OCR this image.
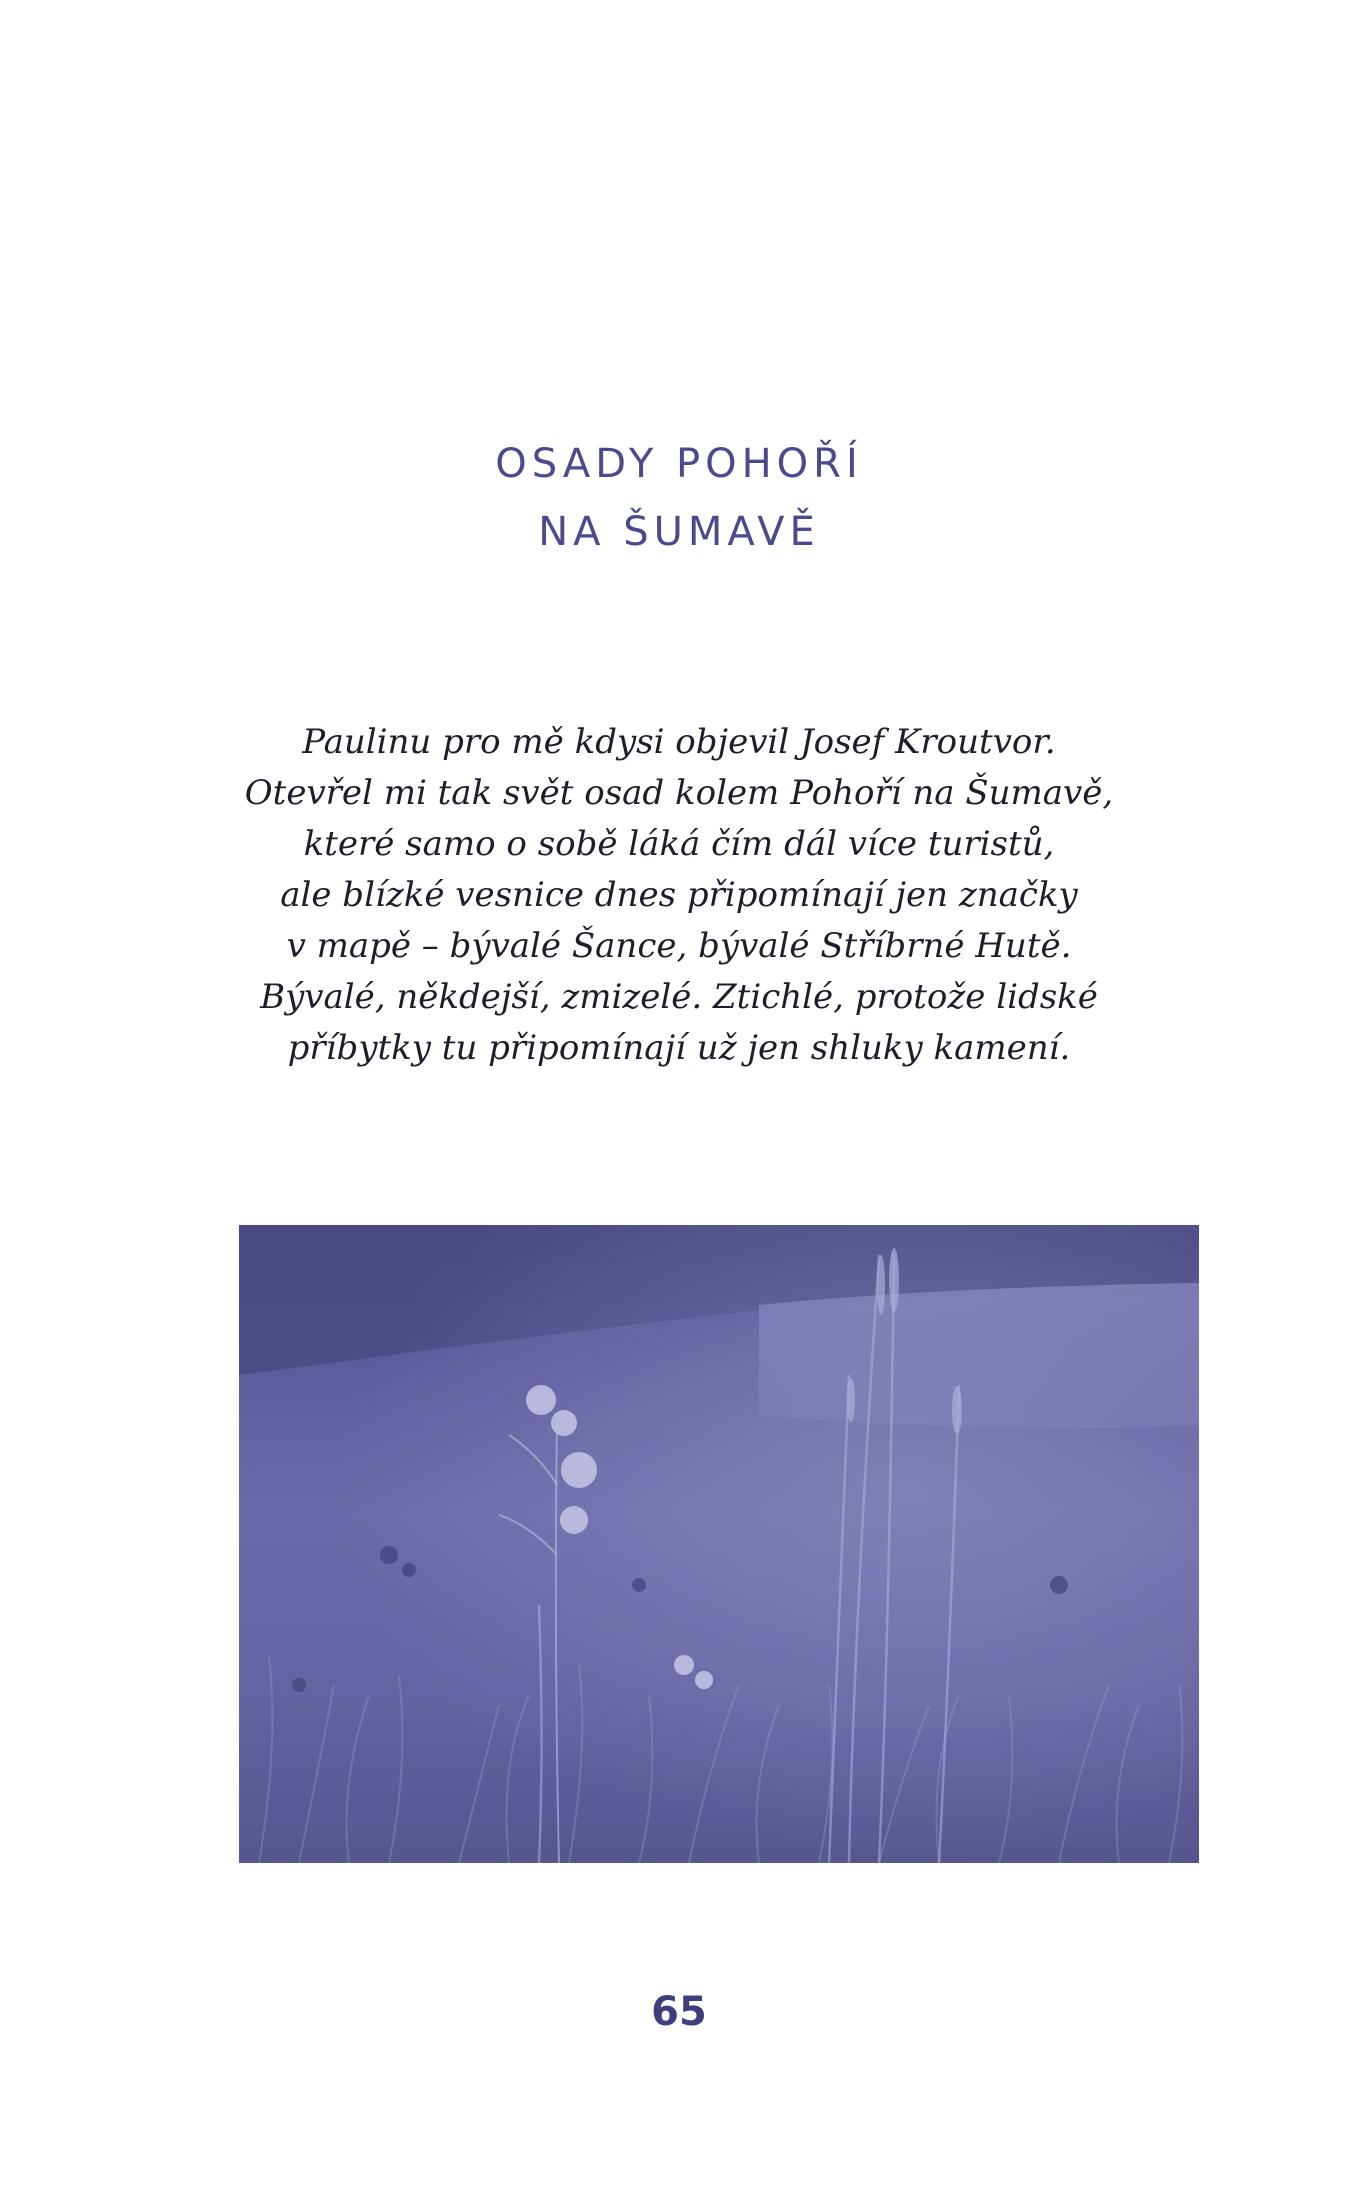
OSADY POHOŘÍ
NA ŠUMAVĚ

Paulinu pro mě kdysi objevil Josef Kroutvor.
Otevřel mi tak svět osad kolem Pohoří na Šumavě,
které samo o sobě láká čím dál více turistů,
ale blízké vesnice dnes připomínají jen značky
v mapě – bývalé Šance, bývalé Stříbrné Hutě.
Bývalé, někdejší, zmizelé. Ztichlé, protože lidské
příbytky tu připomínají už jen shluky kamení.

65
